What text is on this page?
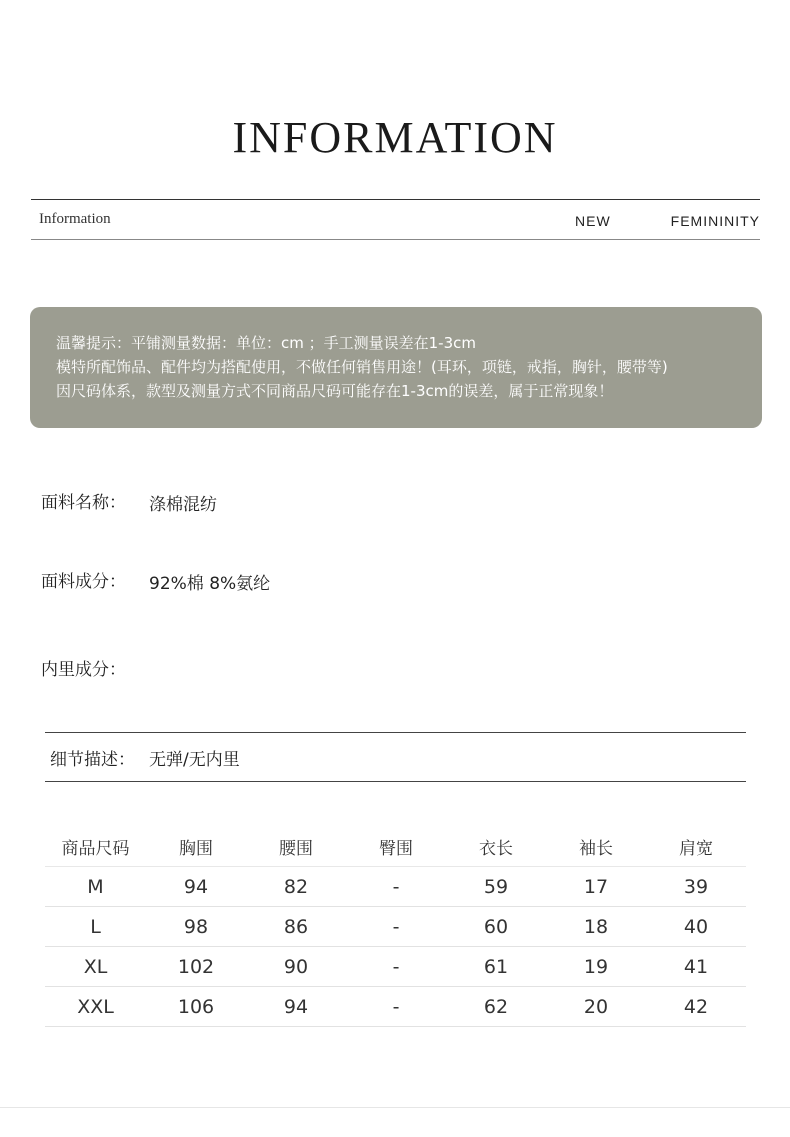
INFORMATION
Information	NEW	FEMININITY

温馨提示：平铺测量数据：单位：cm ；手工测量误差在1-3cm

模特所配饰品、配件均为搭配使用，不做任何销售用途！(耳环，项链，戒指，胸针，腰带等)

因尺码体系，款型及测量方式不同商品尺码可能存在1-3cm的误差，属于正常现象！

面料名称： 涤棉混纺
面料成分： 92%棉 8%氨纶
内里成分：
细节描述： 无弹/无内里
商品尺码	胸围	腰围	臀围	衣长	袖长	肩宽
M	94	82	-	59	17	39
L	98	86	-	60	18	40
XL	102	90	-	61	19	41
XXL	106	94	-	62	20	42
